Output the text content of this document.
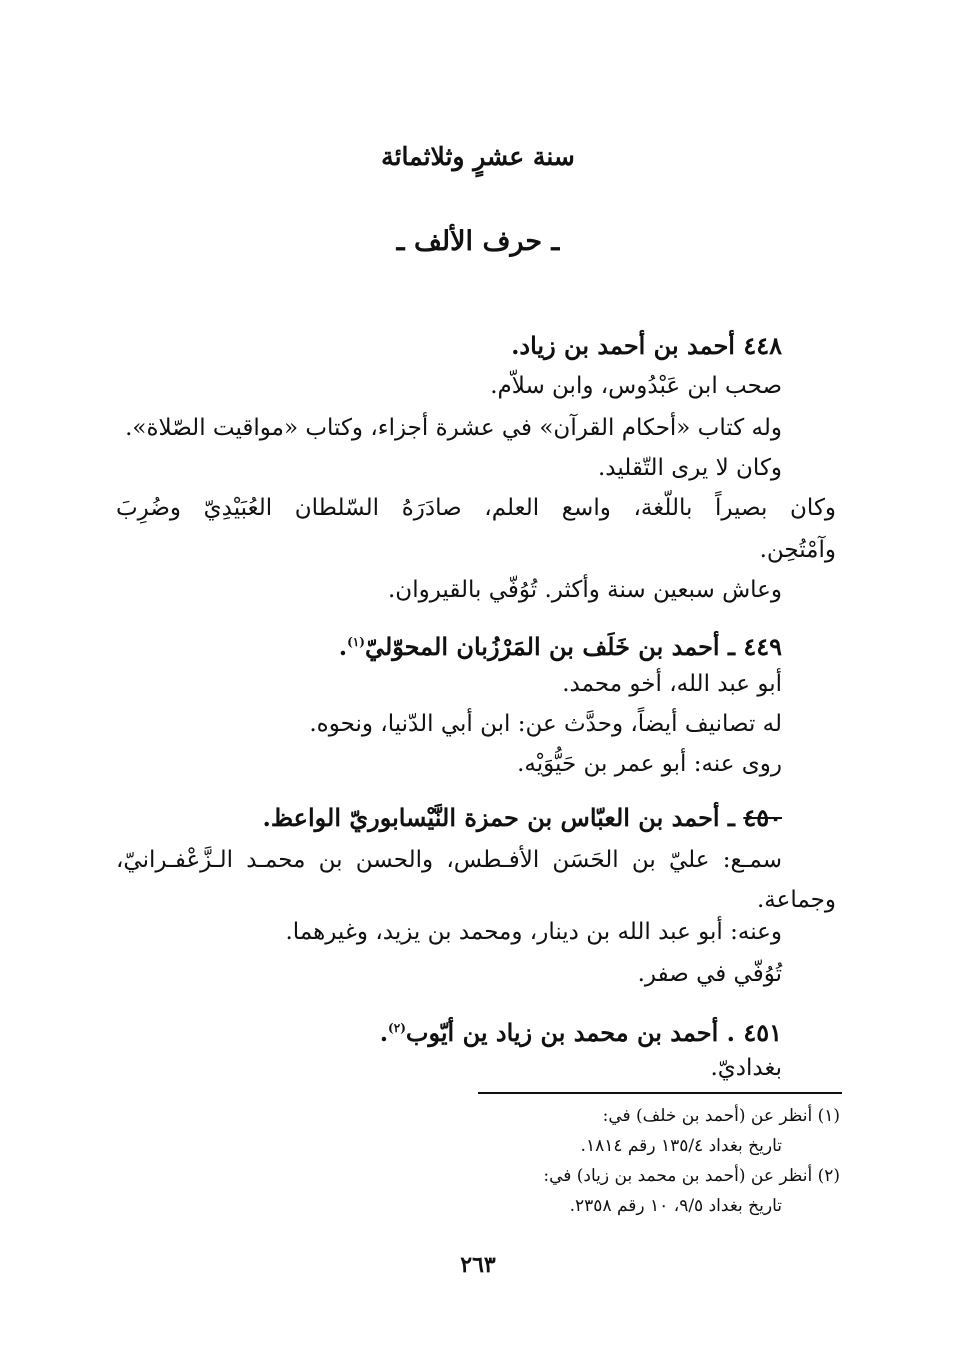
سنة عشرٍ وثلاثمائة
ـ حرف الألف ـ
٤٤٨ أحمد بن أحمد بن زياد.
صحب ابن عَبْدُوس، وابن سلاّم.
وله كتاب «أحكام القرآن» في عشرة أجزاء، وكتاب «مواقيت الصّلاة».
وكان لا يرى التّقليد.
وكان بصيراً باللّغة، واسع العلم، صادَرَهُ السّلطان العُبَيْدِيّ وضُرِبَ
وآمْتُحِن.
وعاش سبعين سنة وأكثر. تُوُفّي بالقيروان.
٤٤٩ ـ أحمد بن خَلَف بن المَرْزُبان المحوّليّ$^{(١)}$.
أبو عبد الله، أخو محمد.
له تصانيف أيضاً، وحدَّث عن: ابن أبي الدّنيا، ونحوه.
روى عنه: أبو عمر بن حَيُّوَيْه.
٤٥٠ ـ أحمد بن العبّاس بن حمزة النَّيْسابوريّ الواعظ.
سمـع: عليّ بن الحَسَن الأفـطس، والحسن بن محمـد الـزَّعْفـرانيّ،
وجماعة.
وعنه: أبو عبد الله بن دينار، ومحمد بن يزيد، وغيرهما.
تُوُفّي في صفر.
٤٥١ . أحمد بن محمد بن زياد ين أيّوب$^{(٢)}$.
بغداديّ.
(١) أنظر عن (أحمد بن خلف) في:
تاريخ بغداد ١٣٥/٤ رقم ١٨١٤.
(٢) أنظر عن (أحمد بن محمد بن زياد) في:
تاريخ بغداد ٩/٥، ١٠ رقم ٢٣٥٨.
٢٦٣
